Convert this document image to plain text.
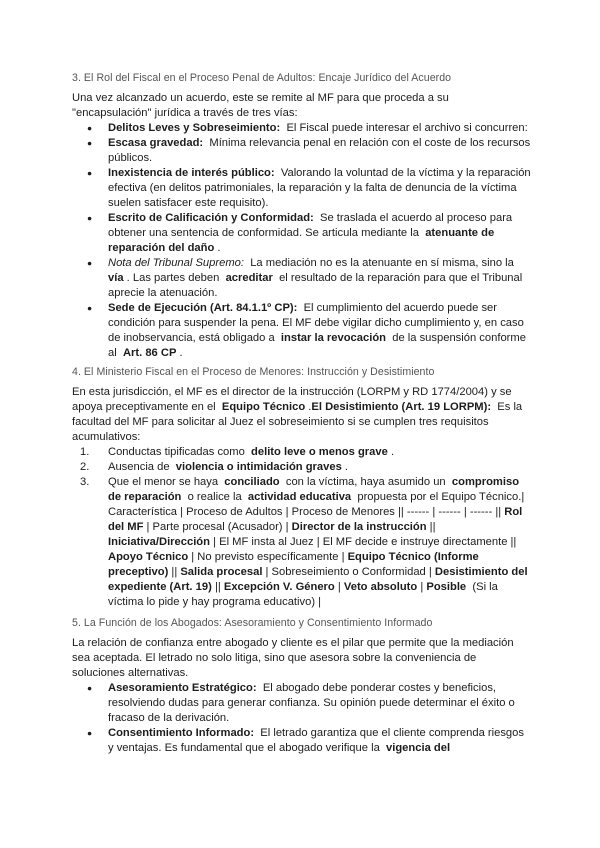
3. El Rol del Fiscal en el Proceso Penal de Adultos: Encaje Jurídico del Acuerdo
Una vez alcanzado un acuerdo, este se remite al MF para que proceda a su
"encapsulación" jurídica a través de tres vías:
● Delitos Leves y Sobreseimiento: El Fiscal puede interesar el archivo si concurren:
● Escasa gravedad: Mínima relevancia penal en relación con el coste de los recursos
públicos.
● Inexistencia de interés público: Valorando la voluntad de la víctima y la reparación
efectiva (en delitos patrimoniales, la reparación y la falta de denuncia de la víctima
suelen satisfacer este requisito).
● Escrito de Calificación y Conformidad: Se traslada el acuerdo al proceso para
obtener una sentencia de conformidad. Se articula mediante la atenuante de
reparación del daño .
● Nota del Tribunal Supremo: La mediación no es la atenuante en sí misma, sino la
vía . Las partes deben acreditar el resultado de la reparación para que el Tribunal
aprecie la atenuación.
● Sede de Ejecución (Art. 84.1.1º CP): El cumplimiento del acuerdo puede ser
condición para suspender la pena. El MF debe vigilar dicho cumplimiento y, en caso
de inobservancia, está obligado a instar la revocación de la suspensión conforme
al Art. 86 CP .
4. El Ministerio Fiscal en el Proceso de Menores: Instrucción y Desistimiento
En esta jurisdicción, el MF es el director de la instrucción (LORPM y RD 1774/2004) y se
apoya preceptivamente en el Equipo Técnico .El Desistimiento (Art. 19 LORPM): Es la
facultad del MF para solicitar al Juez el sobreseimiento si se cumplen tres requisitos
acumulativos:
1. Conductas tipificadas como delito leve o menos grave .
2. Ausencia de violencia o intimidación graves .
3. Que el menor se haya conciliado con la víctima, haya asumido un compromiso
de reparación o realice la actividad educativa propuesta por el Equipo Técnico.|
Característica | Proceso de Adultos | Proceso de Menores || ------ | ------ | ------ || Rol
del MF | Parte procesal (Acusador) | Director de la instrucción ||
Iniciativa/Dirección | El MF insta al Juez | El MF decide e instruye directamente ||
Apoyo Técnico | No previsto específicamente | Equipo Técnico (Informe
preceptivo) || Salida procesal | Sobreseimiento o Conformidad | Desistimiento del
expediente (Art. 19) || Excepción V. Género | Veto absoluto | Posible (Si la
víctima lo pide y hay programa educativo) |
5. La Función de los Abogados: Asesoramiento y Consentimiento Informado
La relación de confianza entre abogado y cliente es el pilar que permite que la mediación
sea aceptada. El letrado no solo litiga, sino que asesora sobre la conveniencia de
soluciones alternativas.
● Asesoramiento Estratégico: El abogado debe ponderar costes y beneficios,
resolviendo dudas para generar confianza. Su opinión puede determinar el éxito o
fracaso de la derivación.
● Consentimiento Informado: El letrado garantiza que el cliente comprenda riesgos
y ventajas. Es fundamental que el abogado verifique la vigencia del
